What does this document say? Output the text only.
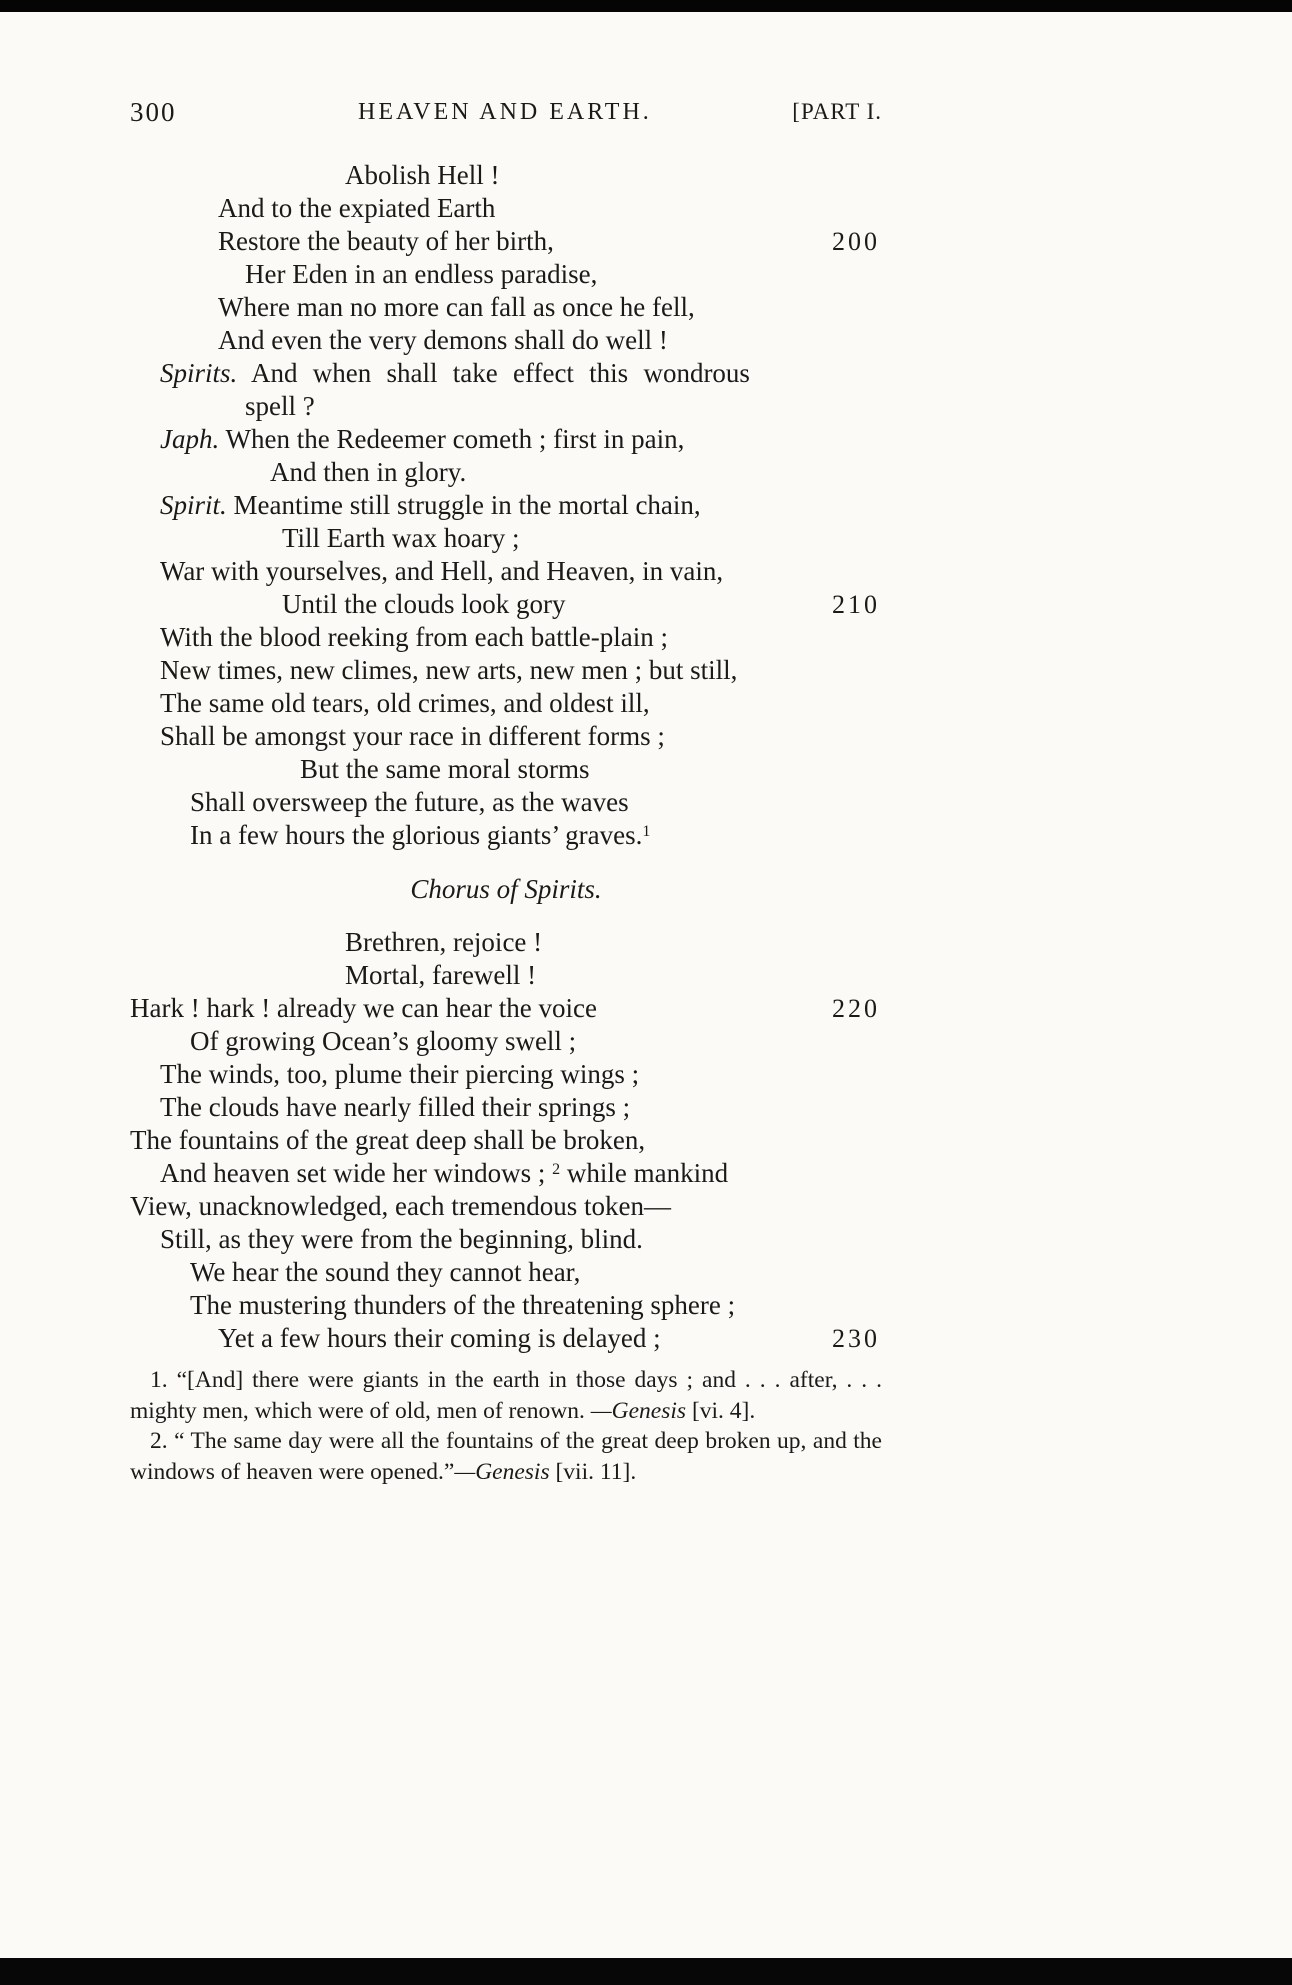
300	HEAVEN AND EARTH.	[PART I.
Abolish Hell !
And to the expiated Earth
Restore the beauty of her birth,	200
Her Eden in an endless paradise,
Where man no more can fall as once he fell,
And even the very demons shall do well !
Spirits. And when shall take effect this wondrous
spell ?
Japh. When the Redeemer cometh ; first in pain,
And then in glory.
Spirit. Meantime still struggle in the mortal chain,
Till Earth wax hoary ;
War with yourselves, and Hell, and Heaven, in vain,
Until the clouds look gory	210
With the blood reeking from each battle-plain ;
New times, new climes, new arts, new men ; but still,
The same old tears, old crimes, and oldest ill,
Shall be amongst your race in different forms ;
But the same moral storms
Shall oversweep the future, as the waves
In a few hours the glorious giants’ graves.$^1$
Chorus of Spirits.
Brethren, rejoice !
Mortal, farewell !
Hark ! hark ! already we can hear the voice	220
Of growing Ocean’s gloomy swell ;
The winds, too, plume their piercing wings ;
The clouds have nearly filled their springs ;
The fountains of the great deep shall be broken,
And heaven set wide her windows ; $^2$ while mankind
View, unacknowledged, each tremendous token—
Still, as they were from the beginning, blind.
We hear the sound they cannot hear,
The mustering thunders of the threatening sphere ;
Yet a few hours their coming is delayed ;	230

1. “[And] there were giants in the earth in those days ; and . . . after, . . . mighty men, which were of old, men of renown. —Genesis [vi. 4].

2. “ The same day were all the fountains of the great deep broken up, and the windows of heaven were opened.”—Genesis [vii. 11].
